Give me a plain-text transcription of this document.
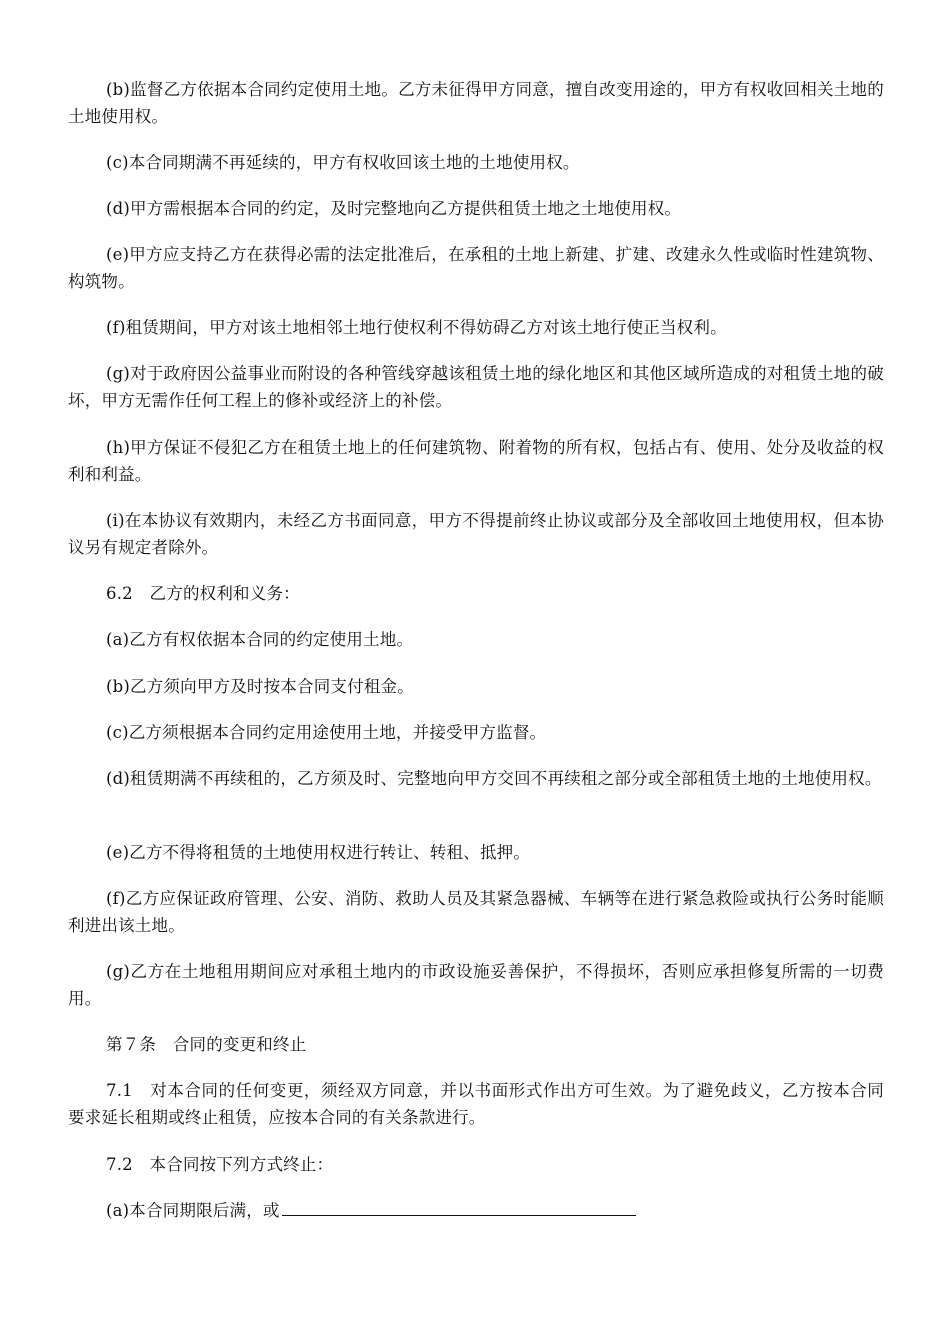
(b)监督乙方依据本合同约定使用土地。乙方未征得甲方同意，擅自改变用途的，甲方有权收回相关土地的土地使用权。

(c)本合同期满不再延续的，甲方有权收回该土地的土地使用权。

(d)甲方需根据本合同的约定，及时完整地向乙方提供租赁土地之土地使用权。

(e)甲方应支持乙方在获得必需的法定批准后，在承租的土地上新建、扩建、改建永久性或临时性建筑物、构筑物。

(f)租赁期间，甲方对该土地相邻土地行使权利不得妨碍乙方对该土地行使正当权利。

(g)对于政府因公益事业而附设的各种管线穿越该租赁土地的绿化地区和其他区域所造成的对租赁土地的破坏，甲方无需作任何工程上的修补或经济上的补偿。

(h)甲方保证不侵犯乙方在租赁土地上的任何建筑物、附着物的所有权，包括占有、使用、处分及收益的权利和利益。

(i)在本协议有效期内，未经乙方书面同意，甲方不得提前终止协议或部分及全部收回土地使用权，但本协议另有规定者除外。

6.2　乙方的权利和义务：

(a)乙方有权依据本合同的约定使用土地。

(b)乙方须向甲方及时按本合同支付租金。

(c)乙方须根据本合同约定用途使用土地，并接受甲方监督。

(d)租赁期满不再续租的，乙方须及时、完整地向甲方交回不再续租之部分或全部租赁土地的土地使用权。

(e)乙方不得将租赁的土地使用权进行转让、转租、抵押。

(f)乙方应保证政府管理、公安、消防、救助人员及其紧急器械、车辆等在进行紧急救险或执行公务时能顺利进出该土地。

(g)乙方在土地租用期间应对承租土地内的市政设施妥善保护，不得损坏，否则应承担修复所需的一切费用。

第７条　合同的变更和终止

7.1　对本合同的任何变更，须经双方同意，并以书面形式作出方可生效。为了避免歧义，乙方按本合同要求延长租期或终止租赁，应按本合同的有关条款进行。

7.2　本合同按下列方式终止：

(a)本合同期限后满，或
